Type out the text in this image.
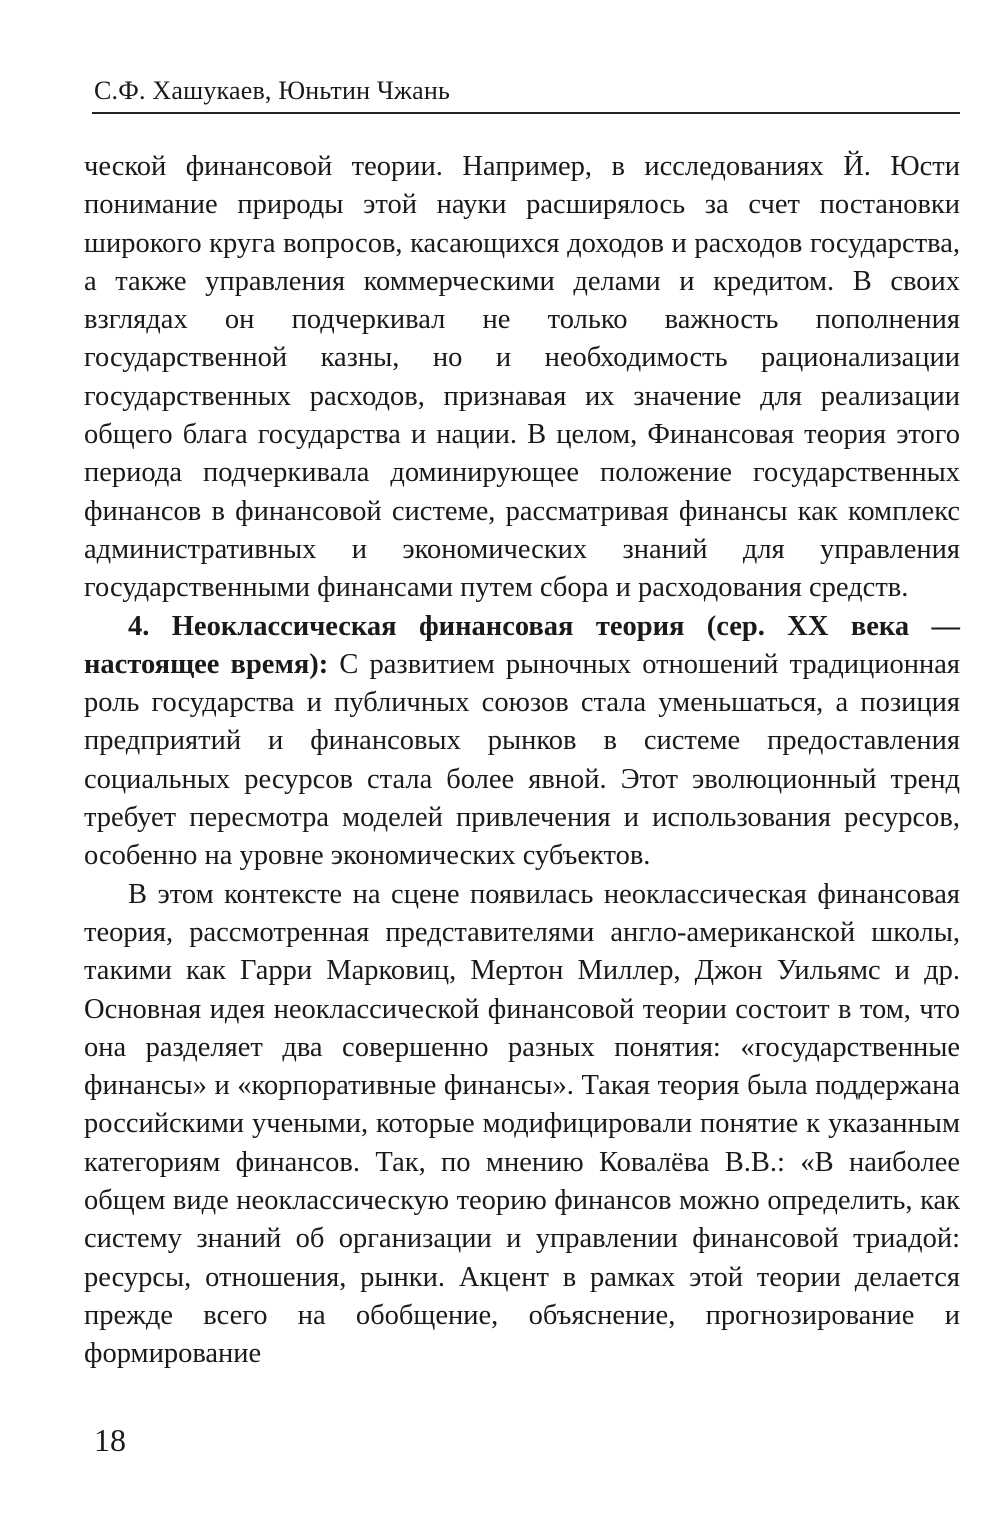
С.Ф. Хашукаев, Юньтин Чжань

ческой финансовой теории. Например, в исследованиях Й. Юсти понимание природы этой науки расширялось за счет постановки широкого круга вопросов, касающихся доходов и расходов государства, а также управления коммерческими делами и кредитом. В своих взглядах он подчеркивал не только важность пополнения государственной казны, но и необходимость рационализации государственных расходов, признавая их значение для реализации общего блага государства и нации. В целом, Финансовая теория этого периода подчеркивала доминирующее положение государственных финансов в финансовой системе, рассматривая финансы как комплекс административных и экономических знаний для управления государственными финансами путем сбора и расходования средств.

4. Неоклассическая финансовая теория (сер. XX века — настоящее время): С развитием рыночных отношений традиционная роль государства и публичных союзов стала уменьшаться, а позиция предприятий и финансовых рынков в системе предоставления социальных ресурсов стала более явной. Этот эволюционный тренд требует пересмотра моделей привлечения и использования ресурсов, особенно на уровне экономических субъектов.

В этом контексте на сцене появилась неоклассическая финансовая теория, рассмотренная представителями англо-американской школы, такими как Гарри Марковиц, Мертон Миллер, Джон Уильямс и др. Основная идея неоклассической финансовой теории состоит в том, что она разделяет два совершенно разных понятия: «государственные финансы» и «корпоративные финансы». Такая теория была поддержана российскими учеными, которые модифицировали понятие к указанным категориям финансов. Так, по мнению Ковалёва В.В.: «В наиболее общем виде неоклассическую теорию финансов можно определить, как систему знаний об организации и управлении финансовой триадой: ресурсы, отношения, рынки. Акцент в рамках этой теории делается прежде всего на обобщение, объяснение, прогнозирование и формирование

18
